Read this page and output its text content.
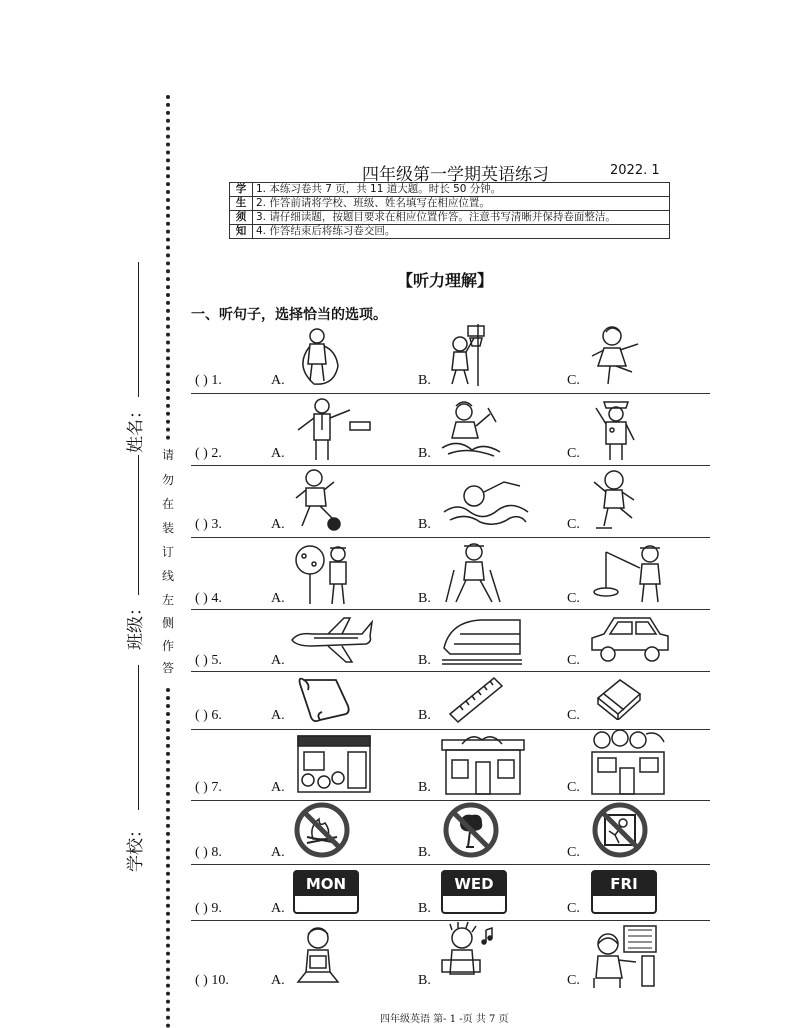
姓名：
班级：
学校：
请
勿
在
装
订
线
左
侧
作
答
四年级第一学期英语练习	2022. 1
学	1. 本练习卷共 7 页，共 11 道大题。时长 50 分钟。
生	2. 作答前请将学校、班级、姓名填写在相应位置。
须	3. 请仔细读题，按题目要求在相应位置作答。注意书写清晰并保持卷面整洁。
知	4. 作答结束后将练习卷交回。
【听力理解】
一、听句子，选择恰当的选项。
( ) 1.	A.	B.	C.
( ) 2.	A.	B.	C.
( ) 3.	A.	B.	C.
( ) 4.	A.	B.	C.
( ) 5.	A.	B.	C.
( ) 6.	A.	B.	C.
( ) 7.	A.	B.	C.
( ) 8.	A.	B.	C.
( ) 9.	A.	B.	C.
MON	WED	FRI
( ) 10.	A.	B.	C.
四年级英语 第- 1 -页 共 7 页
